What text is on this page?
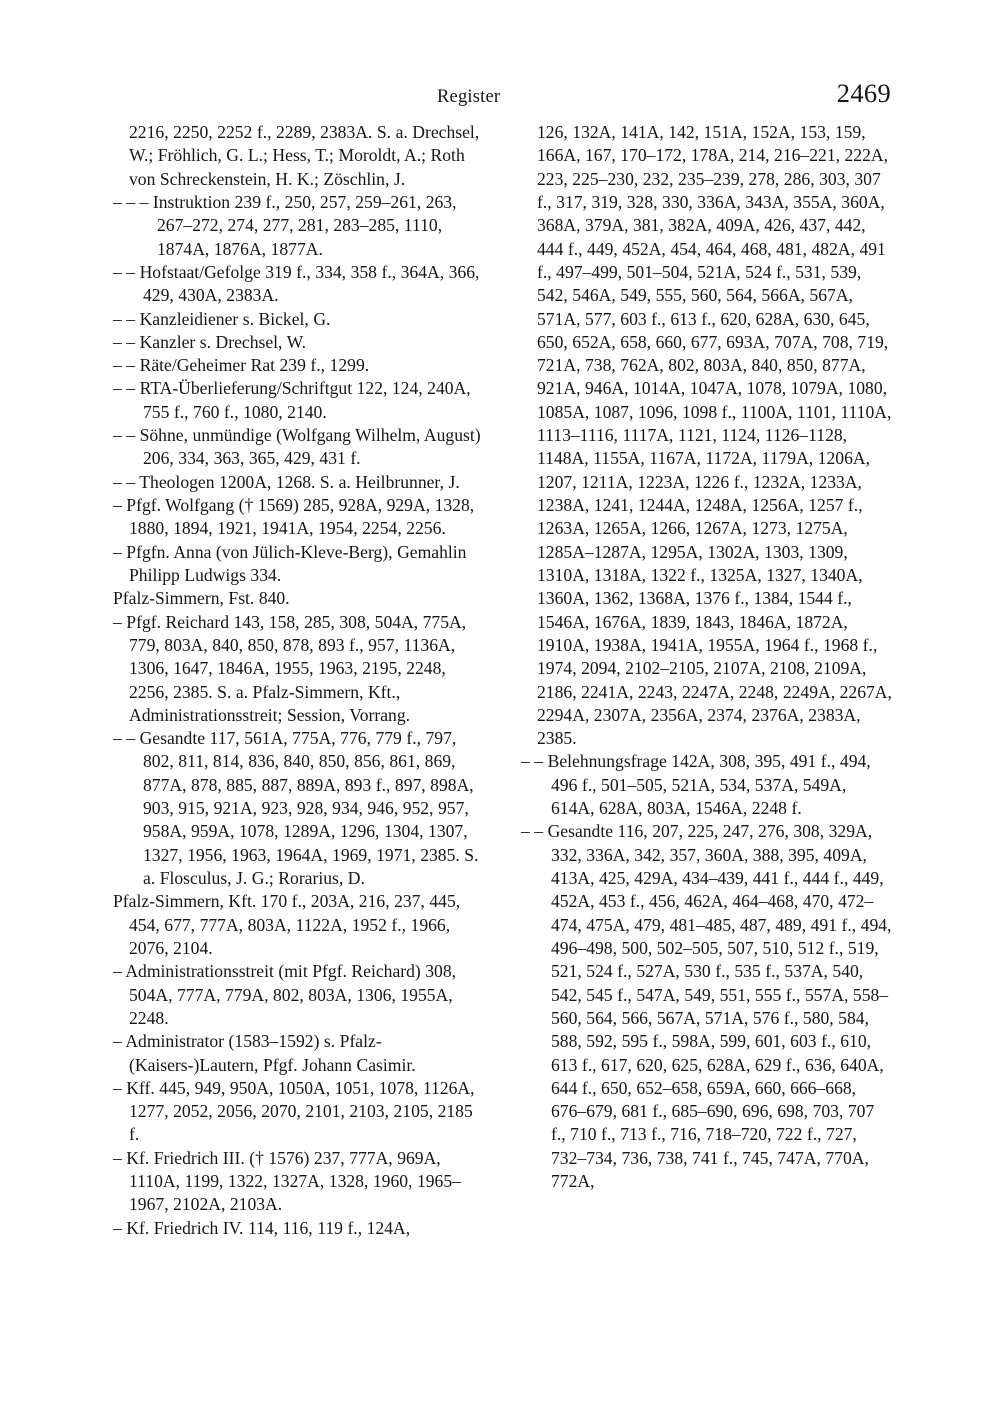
Register	2469

2216, 2250, 2252 f., 2289, 2383A. S. a. Drechsel, W.; Fröhlich, G. L.; Hess, T.; Moroldt, A.; Roth von Schreckenstein, H. K.; Zöschlin, J.

– – – Instruktion 239 f., 250, 257, 259–261, 263, 267–272, 274, 277, 281, 283–285, 1110, 1874A, 1876A, 1877A.

– – Hofstaat/Gefolge 319 f., 334, 358 f., 364A, 366, 429, 430A, 2383A.

– – Kanzleidiener s. Bickel, G.

– – Kanzler s. Drechsel, W.

– – Räte/Geheimer Rat 239 f., 1299.

– – RTA-Überlieferung/Schriftgut 122, 124, 240A, 755 f., 760 f., 1080, 2140.

– – Söhne, unmündige (Wolfgang Wilhelm, August) 206, 334, 363, 365, 429, 431 f.

– – Theologen 1200A, 1268. S. a. Heilbrunner, J.

– Pfgf. Wolfgang († 1569) 285, 928A, 929A, 1328, 1880, 1894, 1921, 1941A, 1954, 2254, 2256.

– Pfgfn. Anna (von Jülich-Kleve-Berg), Gemahlin Philipp Ludwigs 334.

Pfalz-Simmern, Fst. 840.

– Pfgf. Reichard 143, 158, 285, 308, 504A, 775A, 779, 803A, 840, 850, 878, 893 f., 957, 1136A, 1306, 1647, 1846A, 1955, 1963, 2195, 2248, 2256, 2385. S. a. Pfalz-Simmern, Kft., Administrationsstreit; Session, Vorrang.

– – Gesandte 117, 561A, 775A, 776, 779 f., 797, 802, 811, 814, 836, 840, 850, 856, 861, 869, 877A, 878, 885, 887, 889A, 893 f., 897, 898A, 903, 915, 921A, 923, 928, 934, 946, 952, 957, 958A, 959A, 1078, 1289A, 1296, 1304, 1307, 1327, 1956, 1963, 1964A, 1969, 1971, 2385. S. a. Flosculus, J. G.; Rorarius, D.

Pfalz-Simmern, Kft. 170 f., 203A, 216, 237, 445, 454, 677, 777A, 803A, 1122A, 1952 f., 1966, 2076, 2104.

– Administrationsstreit (mit Pfgf. Reichard) 308, 504A, 777A, 779A, 802, 803A, 1306, 1955A, 2248.

– Administrator (1583–1592) s. Pfalz-(Kaisers-)Lautern, Pfgf. Johann Casimir.

– Kff. 445, 949, 950A, 1050A, 1051, 1078, 1126A, 1277, 2052, 2056, 2070, 2101, 2103, 2105, 2185 f.

– Kf. Friedrich III. († 1576) 237, 777A, 969A, 1110A, 1199, 1322, 1327A, 1328, 1960, 1965–1967, 2102A, 2103A.

– Kf. Friedrich IV. 114, 116, 119 f., 124A,

126, 132A, 141A, 142, 151A, 152A, 153, 159, 166A, 167, 170–172, 178A, 214, 216–221, 222A, 223, 225–230, 232, 235–239, 278, 286, 303, 307 f., 317, 319, 328, 330, 336A, 343A, 355A, 360A, 368A, 379A, 381, 382A, 409A, 426, 437, 442, 444 f., 449, 452A, 454, 464, 468, 481, 482A, 491 f., 497–499, 501–504, 521A, 524 f., 531, 539, 542, 546A, 549, 555, 560, 564, 566A, 567A, 571A, 577, 603 f., 613 f., 620, 628A, 630, 645, 650, 652A, 658, 660, 677, 693A, 707A, 708, 719, 721A, 738, 762A, 802, 803A, 840, 850, 877A, 921A, 946A, 1014A, 1047A, 1078, 1079A, 1080, 1085A, 1087, 1096, 1098 f., 1100A, 1101, 1110A, 1113–1116, 1117A, 1121, 1124, 1126–1128, 1148A, 1155A, 1167A, 1172A, 1179A, 1206A, 1207, 1211A, 1223A, 1226 f., 1232A, 1233A, 1238A, 1241, 1244A, 1248A, 1256A, 1257 f., 1263A, 1265A, 1266, 1267A, 1273, 1275A, 1285A–1287A, 1295A, 1302A, 1303, 1309, 1310A, 1318A, 1322 f., 1325A, 1327, 1340A, 1360A, 1362, 1368A, 1376 f., 1384, 1544 f., 1546A, 1676A, 1839, 1843, 1846A, 1872A, 1910A, 1938A, 1941A, 1955A, 1964 f., 1968 f., 1974, 2094, 2102–2105, 2107A, 2108, 2109A, 2186, 2241A, 2243, 2247A, 2248, 2249A, 2267A, 2294A, 2307A, 2356A, 2374, 2376A, 2383A, 2385.

– – Belehnungsfrage 142A, 308, 395, 491 f., 494, 496 f., 501–505, 521A, 534, 537A, 549A, 614A, 628A, 803A, 1546A, 2248 f.

– – Gesandte 116, 207, 225, 247, 276, 308, 329A, 332, 336A, 342, 357, 360A, 388, 395, 409A, 413A, 425, 429A, 434–439, 441 f., 444 f., 449, 452A, 453 f., 456, 462A, 464–468, 470, 472–474, 475A, 479, 481–485, 487, 489, 491 f., 494, 496–498, 500, 502–505, 507, 510, 512 f., 519, 521, 524 f., 527A, 530 f., 535 f., 537A, 540, 542, 545 f., 547A, 549, 551, 555 f., 557A, 558–560, 564, 566, 567A, 571A, 576 f., 580, 584, 588, 592, 595 f., 598A, 599, 601, 603 f., 610, 613 f., 617, 620, 625, 628A, 629 f., 636, 640A, 644 f., 650, 652–658, 659A, 660, 666–668, 676–679, 681 f., 685–690, 696, 698, 703, 707 f., 710 f., 713 f., 716, 718–720, 722 f., 727, 732–734, 736, 738, 741 f., 745, 747A, 770A, 772A,
